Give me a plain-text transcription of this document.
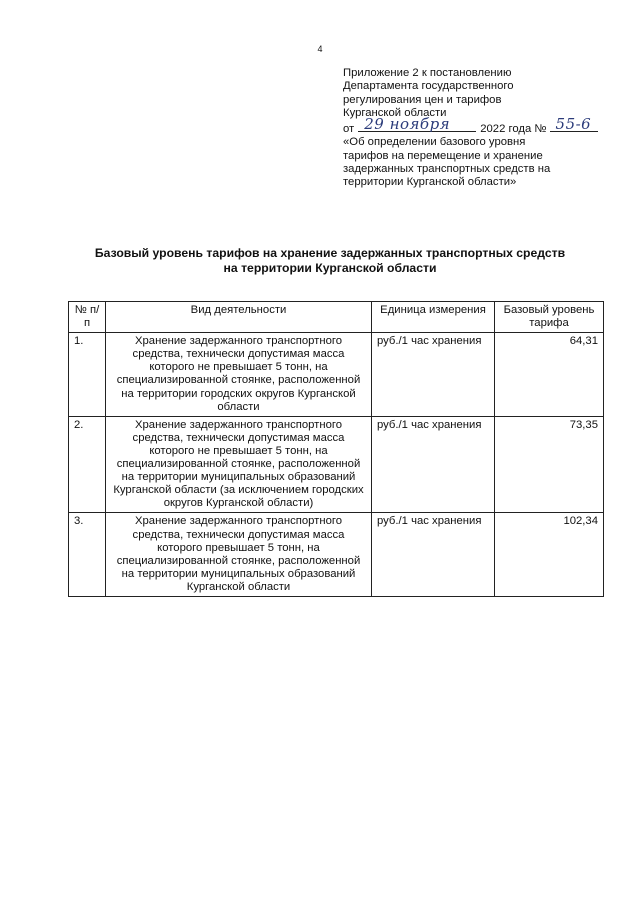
4
Приложение 2 к постановлению
Департамента государственного
регулирования цен и тарифов
Курганской области
от 29 ноября	2022 года № 55-6
«Об определении базового уровня
тарифов на перемещение и хранение
задержанных транспортных средств на
территории Курганской области»
Базовый уровень тарифов на хранение задержанных транспортных средств
на территории Курганской области
№ п/п	Вид деятельности	Единица измерения	Базовый уровень тарифа
1.	Хранение задержанного транспортного средства, технически допустимая масса которого не превышает 5 тонн, на специализированной стоянке, расположенной на территории городских округов Курганской области	руб./1 час хранения	64,31
2.	Хранение задержанного транспортного средства, технически допустимая масса которого не превышает 5 тонн, на специализированной стоянке, расположенной на территории муниципальных образований Курганской области (за исключением городских округов Курганской области)	руб./1 час хранения	73,35
3.	Хранение задержанного транспортного средства, технически допустимая масса которого превышает 5 тонн, на специализированной стоянке, расположенной на территории муниципальных образований Курганской области	руб./1 час хранения	102,34
